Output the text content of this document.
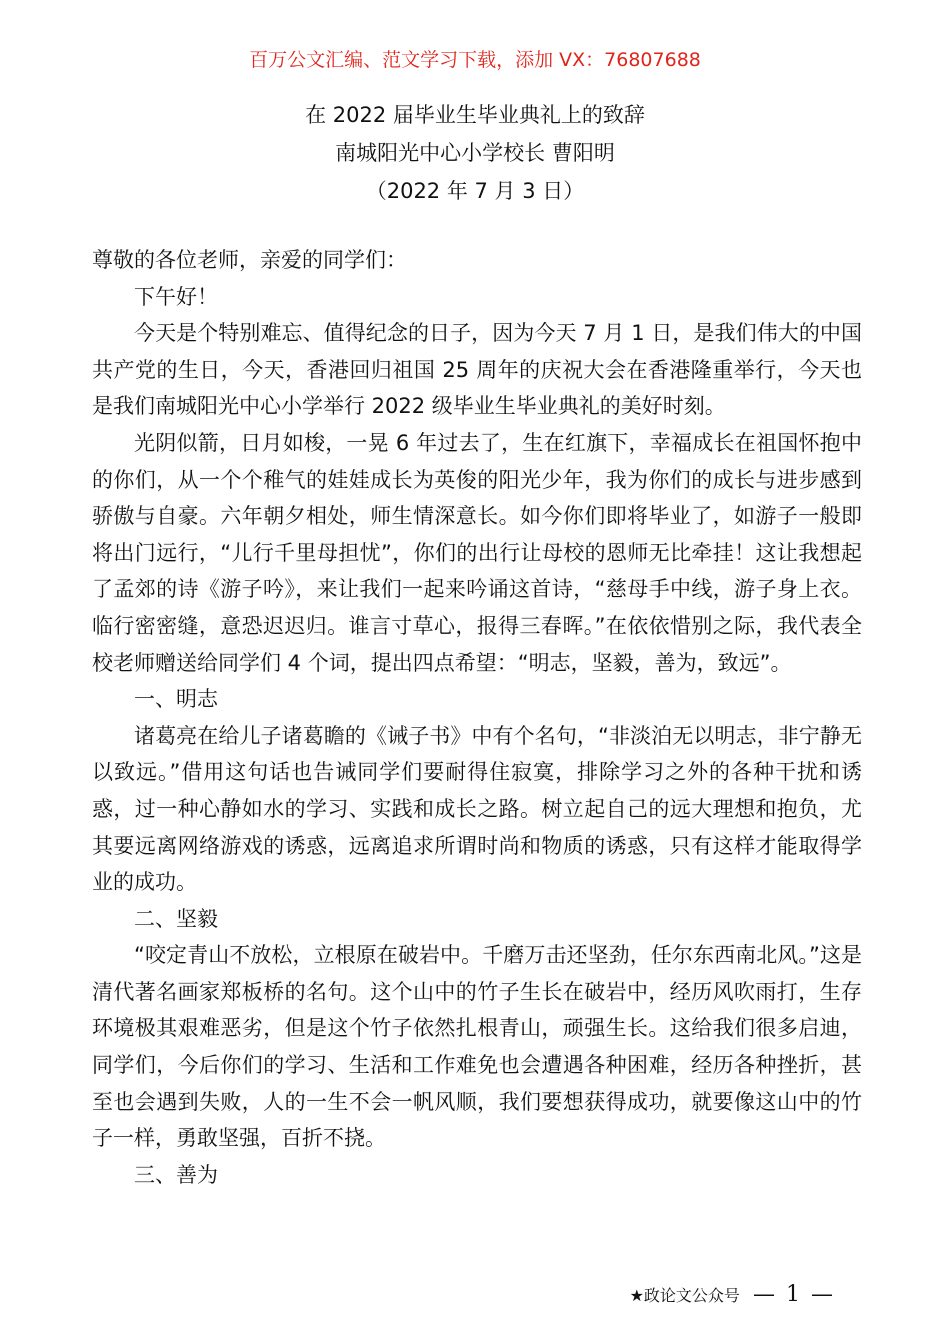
百万公文汇编、范文学习下载，添加 VX：76807688
在 2022 届毕业生毕业典礼上的致辞
南城阳光中心小学校长 曹阳明
（2022 年 7 月 3 日）

尊敬的各位老师，亲爱的同学们：

下午好！

今天是个特别难忘、值得纪念的日子，因为今天 7 月 1 日，是我们伟大的中国共产党的生日，今天，香港回归祖国 25 周年的庆祝大会在香港隆重举行，今天也是我们南城阳光中心小学举行 2022 级毕业生毕业典礼的美好时刻。

光阴似箭，日月如梭，一晃 6 年过去了，生在红旗下，幸福成长在祖国怀抱中的你们，从一个个稚气的娃娃成长为英俊的阳光少年，我为你们的成长与进步感到骄傲与自豪。六年朝夕相处，师生情深意长。如今你们即将毕业了，如游子一般即将出门远行，“儿行千里母担忧”，你们的出行让母校的恩师无比牵挂！这让我想起了孟郊的诗《游子吟》，来让我们一起来吟诵这首诗，“慈母手中线，游子身上衣。临行密密缝，意恐迟迟归。谁言寸草心，报得三春晖。”在依依惜别之际，我代表全校老师赠送给同学们 4 个词，提出四点希望：“明志，坚毅，善为，致远”。

一、明志

诸葛亮在给儿子诸葛瞻的《诫子书》中有个名句，“非淡泊无以明志，非宁静无以致远。”借用这句话也告诫同学们要耐得住寂寞，排除学习之外的各种干扰和诱惑，过一种心静如水的学习、实践和成长之路。树立起自己的远大理想和抱负，尤其要远离网络游戏的诱惑，远离追求所谓时尚和物质的诱惑，只有这样才能取得学业的成功。

二、坚毅

“咬定青山不放松，立根原在破岩中。千磨万击还坚劲，任尔东西南北风。”这是清代著名画家郑板桥的名句。这个山中的竹子生长在破岩中，经历风吹雨打，生存环境极其艰难恶劣，但是这个竹子依然扎根青山，顽强生长。这给我们很多启迪，同学们，今后你们的学习、生活和工作难免也会遭遇各种困难，经历各种挫折，甚至也会遇到失败，人的一生不会一帆风顺，我们要想获得成功，就要像这山中的竹子一样，勇敢坚强，百折不挠。

三、善为

★政论文公众号 — 1 —
